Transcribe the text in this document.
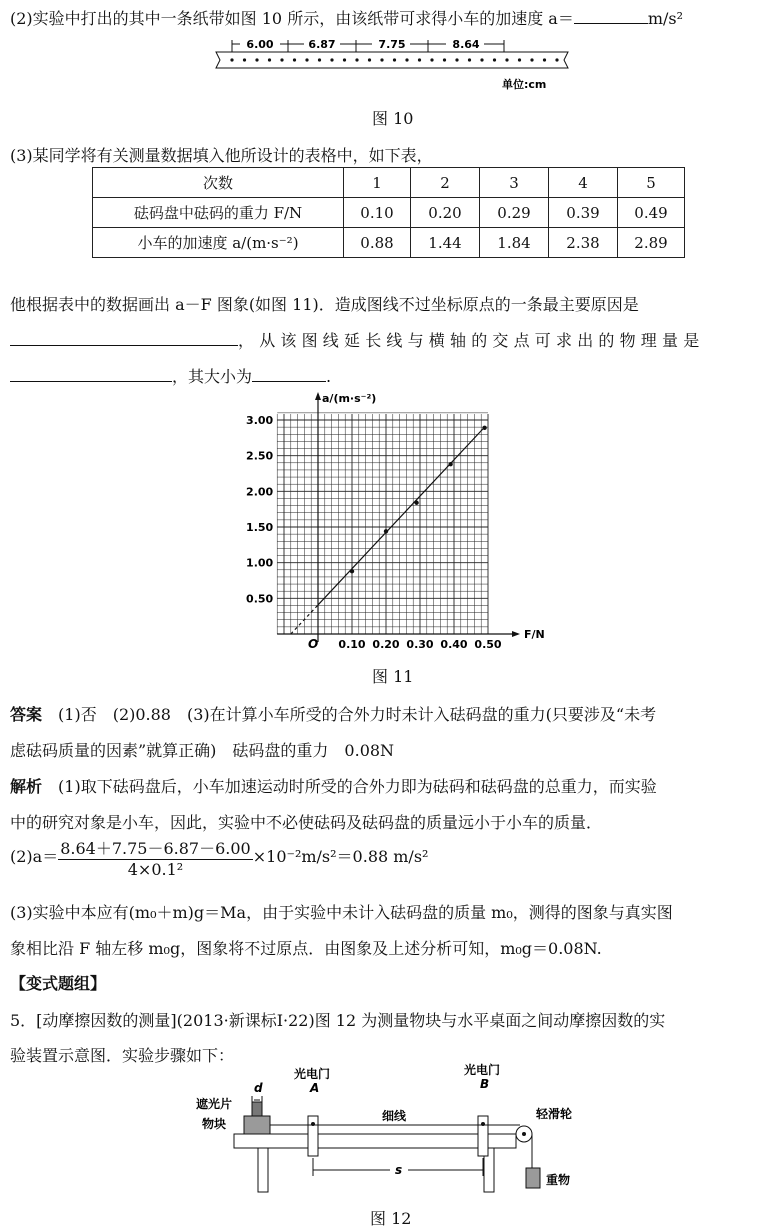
(2)实验中打出的其中一条纸带如图 10 所示，由该纸带可求得小车的加速度 a＝	m/s²
6.00	6.87	7.75	8.64
单位:cm
图 10
(3)某同学将有关测量数据填入他所设计的表格中，如下表，
次数	1	2	3	4	5
砝码盘中砝码的重力 F/N	0.10	0.20	0.29	0.39	0.49
小车的加速度 a/(m·s⁻²)	0.88	1.44	1.84	2.38	2.89
他根据表中的数据画出 a－F 图象(如图 11)．造成图线不过坐标原点的一条最主要原因是
，从该图线延长线与横轴的交点可求出的物理量是
，其大小为	.
0.50
1.00
1.50
2.00
2.50
3.00
0.10 0.20 0.30 0.40 0.50
a/(m·s⁻²)
F/N
O
图 11
答案　 (1)否　(2)0.88　(3)在计算小车所受的合外力时未计入砝码盘的重力(只要涉及“未考
虑砝码质量的因素”就算正确)　砝码盘的重力　0.08N
解析　 (1)取下砝码盘后，小车加速运动时所受的合外力即为砝码和砝码盘的总重力，而实验
中的研究对象是小车，因此，实验中不必使砝码及砝码盘的质量远小于小车的质量．
$(2)a= \frac{8.64+7.75-6.87-6.00}{\text{4×0.1²}} \times 10^{-2}m/s^2=0.88$ m/s²
(3)实验中本应有(m₀＋m)g＝Ma，由于实验中未计入砝码盘的质量 m₀，测得的图象与真实图
象相比沿 F 轴左移 m₀g，图象将不过原点．由图象及上述分析可知，m₀g＝0.08N.
【变式题组】
5．[动摩擦因数的测量](2013·新课标Ⅰ·22)图 12 为测量物块与水平桌面之间动摩擦因数的实
验装置示意图．实验步骤如下：
遮光片
d
物块
光电门
A
光电门
B
细线	轻滑轮
s
重物
图 12
